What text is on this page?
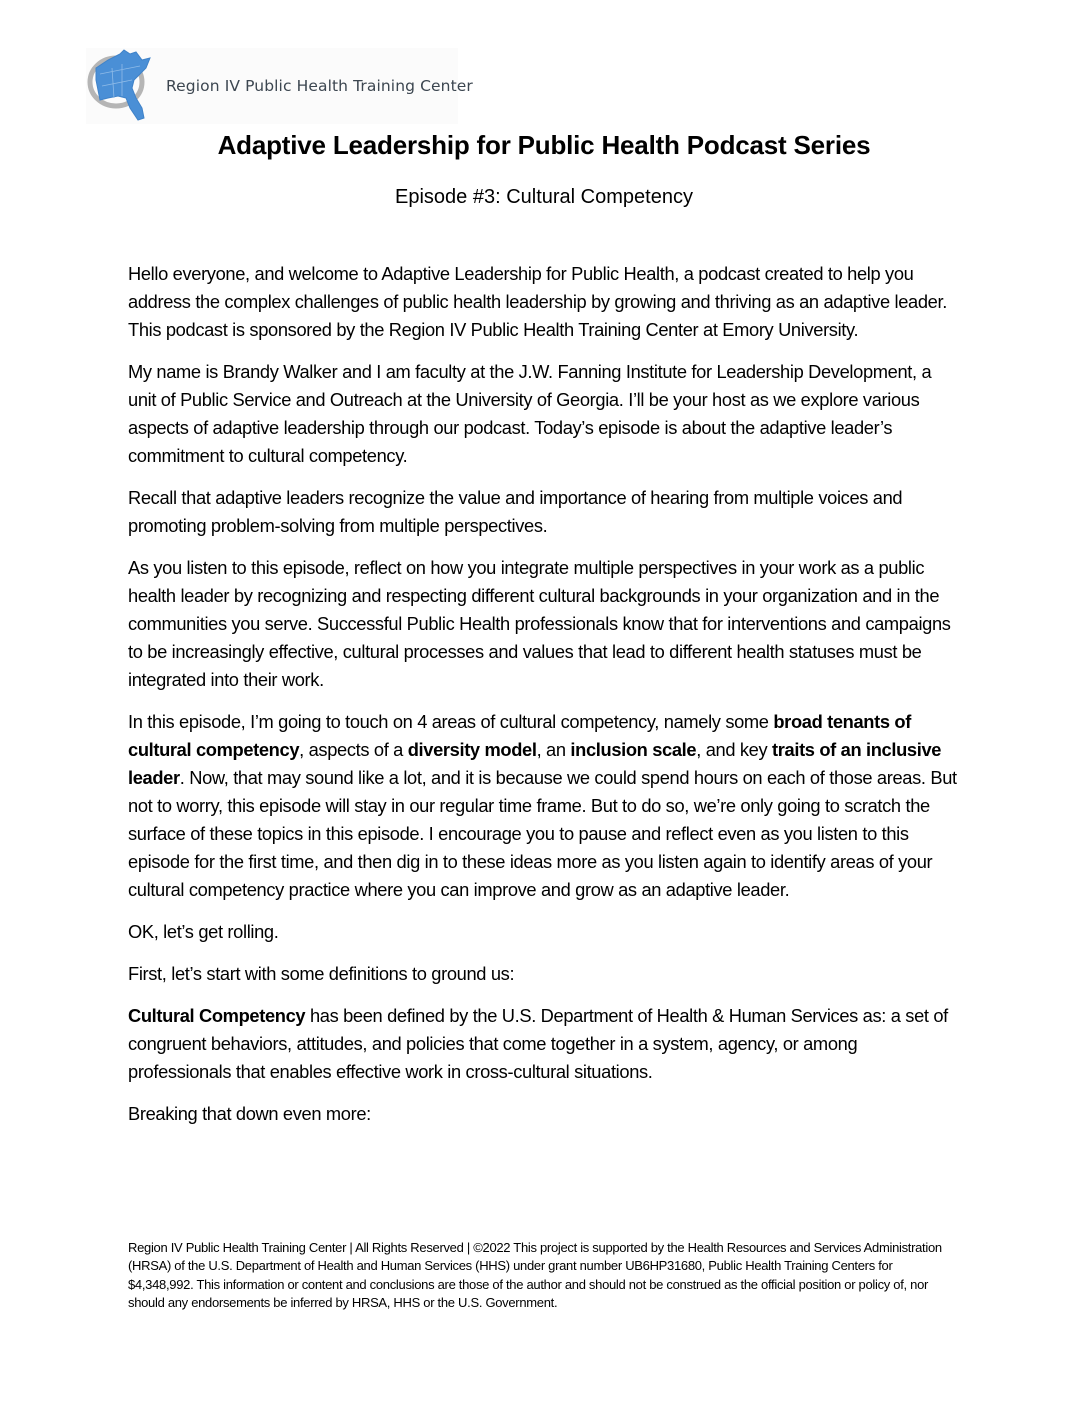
Region IV Public Health Training Center
Adaptive Leadership for Public Health Podcast Series
Episode #3: Cultural Competency

Hello everyone, and welcome to Adaptive Leadership for Public Health, a podcast created to help you address the complex challenges of public health leadership by growing and thriving as an adaptive leader. This podcast is sponsored by the Region IV Public Health Training Center at Emory University.

My name is Brandy Walker and I am faculty at the J.W. Fanning Institute for Leadership Development, a unit of Public Service and Outreach at the University of Georgia. I’ll be your host as we explore various aspects of adaptive leadership through our podcast. Today’s episode is about the adaptive leader’s commitment to cultural competency.

Recall that adaptive leaders recognize the value and importance of hearing from multiple voices and promoting problem-solving from multiple perspectives.

As you listen to this episode, reflect on how you integrate multiple perspectives in your work as a public health leader by recognizing and respecting different cultural backgrounds in your organization and in the communities you serve. Successful Public Health professionals know that for interventions and campaigns to be increasingly effective, cultural processes and values that lead to different health statuses must be integrated into their work.

In this episode, I’m going to touch on 4 areas of cultural competency, namely some broad tenants of cultural competency, aspects of a diversity model, an inclusion scale, and key traits of an inclusive leader. Now, that may sound like a lot, and it is because we could spend hours on each of those areas. But not to worry, this episode will stay in our regular time frame. But to do so, we’re only going to scratch the surface of these topics in this episode. I encourage you to pause and reflect even as you listen to this episode for the first time, and then dig in to these ideas more as you listen again to identify areas of your cultural competency practice where you can improve and grow as an adaptive leader.

OK, let’s get rolling.

First, let’s start with some definitions to ground us:

Cultural Competency has been defined by the U.S. Department of Health & Human Services as: a set of congruent behaviors, attitudes, and policies that come together in a system, agency, or among professionals that enables effective work in cross-cultural situations.

Breaking that down even more:

Region IV Public Health Training Center | All Rights Reserved | ©2022 This project is supported by the Health Resources and Services Administration (HRSA) of the U.S. Department of Health and Human Services (HHS) under grant number UB6HP31680, Public Health Training Centers for $4,348,992. This information or content and conclusions are those of the author and should not be construed as the official position or policy of, nor should any endorsements be inferred by HRSA, HHS or the U.S. Government.
